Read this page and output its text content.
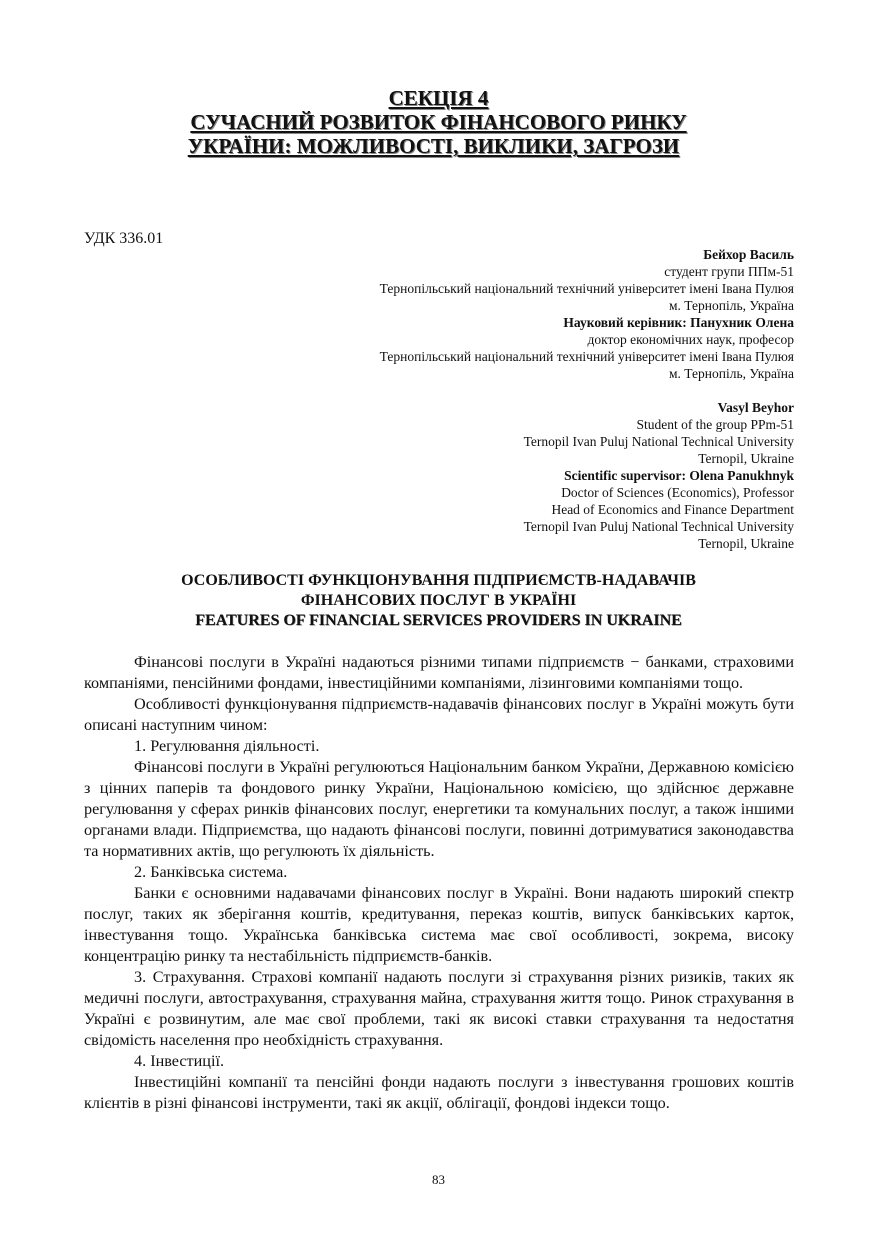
СЕКЦІЯ 4
СУЧАСНИЙ РОЗВИТОК ФІНАНСОВОГО РИНКУ
УКРАЇНИ: МОЖЛИВОСТІ, ВИКЛИКИ, ЗАГРОЗИ
УДК 336.01
Бейхор Василь
студент групи ППм-51
Тернопільський національний технічний університет імені Івана Пулюя
м. Тернопіль, Україна
Науковий керівник: Панухник Олена
доктор економічних наук, професор
Тернопільський національний технічний університет імені Івана Пулюя
м. Тернопіль, Україна
Vasyl Beyhor
Student of the group PPm-51
Ternopil Ivan Puluj National Technical University
Ternopil, Ukraine
Scientific supervisor: Olena Panukhnyk
Doctor of Sciences (Economics), Professor
Head of Economics and Finance Department
Ternopil Ivan Puluj National Technical University
Ternopil, Ukraine
ОСОБЛИВОСТІ ФУНКЦІОНУВАННЯ ПІДПРИЄМСТВ-НАДАВАЧІВ
ФІНАНСОВИХ ПОСЛУГ В УКРАЇНІ
FEATURES OF FINANCIAL SERVICES PROVIDERS IN UKRAINE

Фінансові послуги в Україні надаються різними типами підприємств − банками, страховими компаніями, пенсійними фондами, інвестиційними компаніями, лізинговими компаніями тощо.

Особливості функціонування підприємств-надавачів фінансових послуг в Україні можуть бути описані наступним чином:

1. Регулювання діяльності.

Фінансові послуги в Україні регулюються Національним банком України, Державною комісією з цінних паперів та фондового ринку України, Національною комісією, що здійснює державне регулювання у сферах ринків фінансових послуг, енергетики та комунальних послуг, а також іншими органами влади. Підприємства, що надають фінансові послуги, повинні дотримуватися законодавства та нормативних актів, що регулюють їх діяльність.

2. Банківська система.

Банки є основними надавачами фінансових послуг в Україні. Вони надають широкий спектр послуг, таких як зберігання коштів, кредитування, переказ коштів, випуск банківських карток, інвестування тощо. Українська банківська система має свої особливості, зокрема, високу концентрацію ринку та нестабільність підприємств-банків.

3. Страхування. Страхові компанії надають послуги зі страхування різних ризиків, таких як медичні послуги, автострахування, страхування майна, страхування життя тощо. Ринок страхування в Україні є розвинутим, але має свої проблеми, такі як високі ставки страхування та недостатня свідомість населення про необхідність страхування.

4. Інвестиції.

Інвестиційні компанії та пенсійні фонди надають послуги з інвестування грошових коштів клієнтів в різні фінансові інструменти, такі як акції, облігації, фондові індекси тощо.

83
